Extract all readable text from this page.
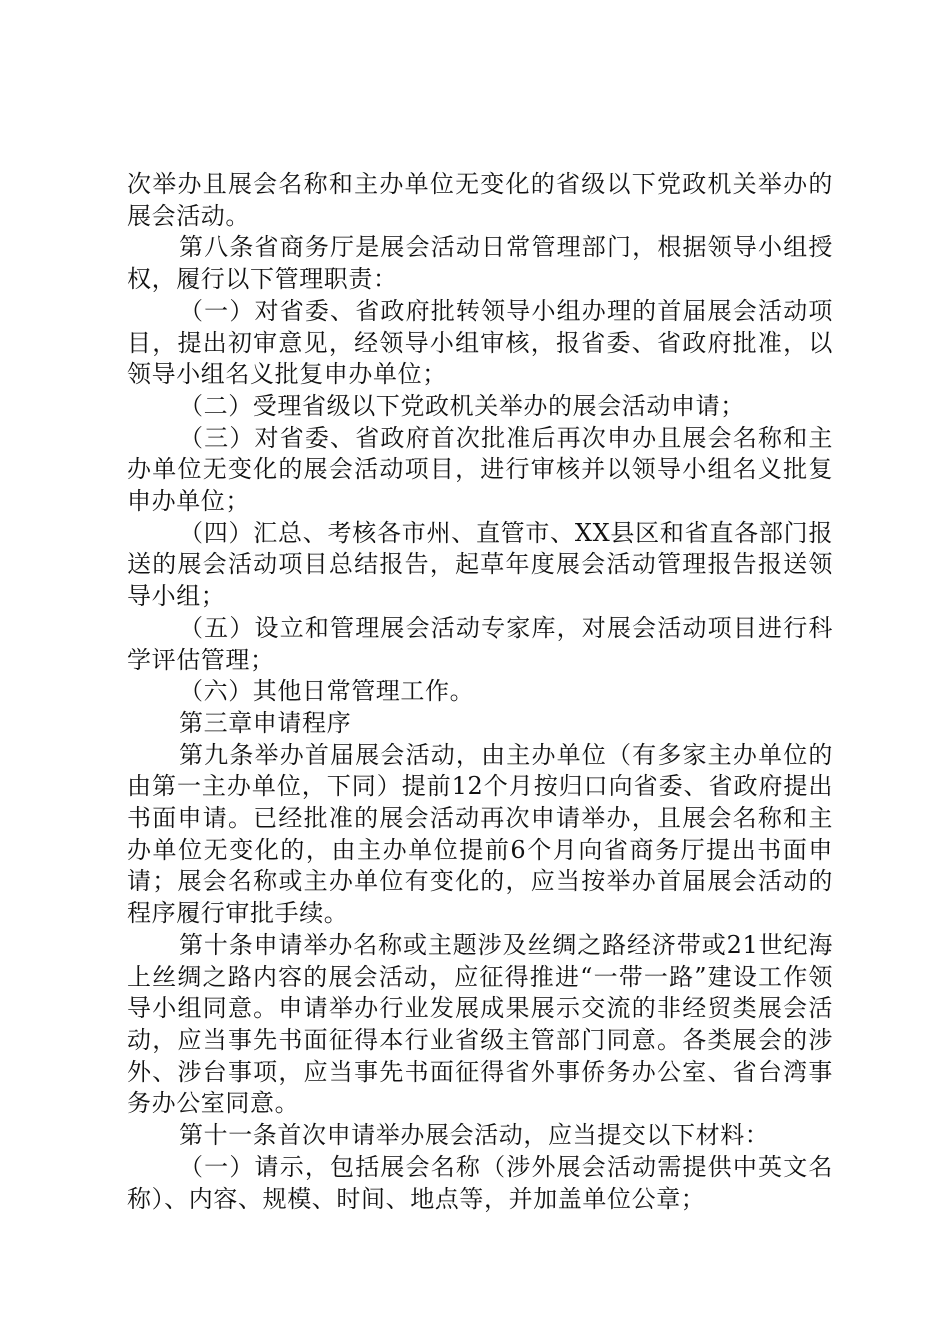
次举办且展会名称和主办单位无变化的省级以下党政机关举办的展会活动。

第八条省商务厅是展会活动日常管理部门，根据领导小组授权，履行以下管理职责：

（一）对省委、省政府批转领导小组办理的首届展会活动项目，提出初审意见，经领导小组审核，报省委、省政府批准，以领导小组名义批复申办单位；

（二）受理省级以下党政机关举办的展会活动申请；

（三）对省委、省政府首次批准后再次申办且展会名称和主办单位无变化的展会活动项目，进行审核并以领导小组名义批复申办单位；

（四）汇总、考核各市州、直管市、XX县区和省直各部门报送的展会活动项目总结报告，起草年度展会活动管理报告报送领导小组；

（五）设立和管理展会活动专家库，对展会活动项目进行科学评估管理；

（六）其他日常管理工作。

第三章申请程序

第九条举办首届展会活动，由主办单位（有多家主办单位的由第一主办单位，下同）提前12个月按归口向省委、省政府提出书面申请。已经批准的展会活动再次申请举办，且展会名称和主办单位无变化的，由主办单位提前6个月向省商务厅提出书面申请；展会名称或主办单位有变化的，应当按举办首届展会活动的程序履行审批手续。

第十条申请举办名称或主题涉及丝绸之路经济带或21世纪海上丝绸之路内容的展会活动，应征得推进“一带一路”建设工作领导小组同意。申请举办行业发展成果展示交流的非经贸类展会活动，应当事先书面征得本行业省级主管部门同意。各类展会的涉外、涉台事项，应当事先书面征得省外事侨务办公室、省台湾事务办公室同意。

第十一条首次申请举办展会活动，应当提交以下材料：

（一）请示，包括展会名称（涉外展会活动需提供中英文名称）、内容、规模、时间、地点等，并加盖单位公章；
